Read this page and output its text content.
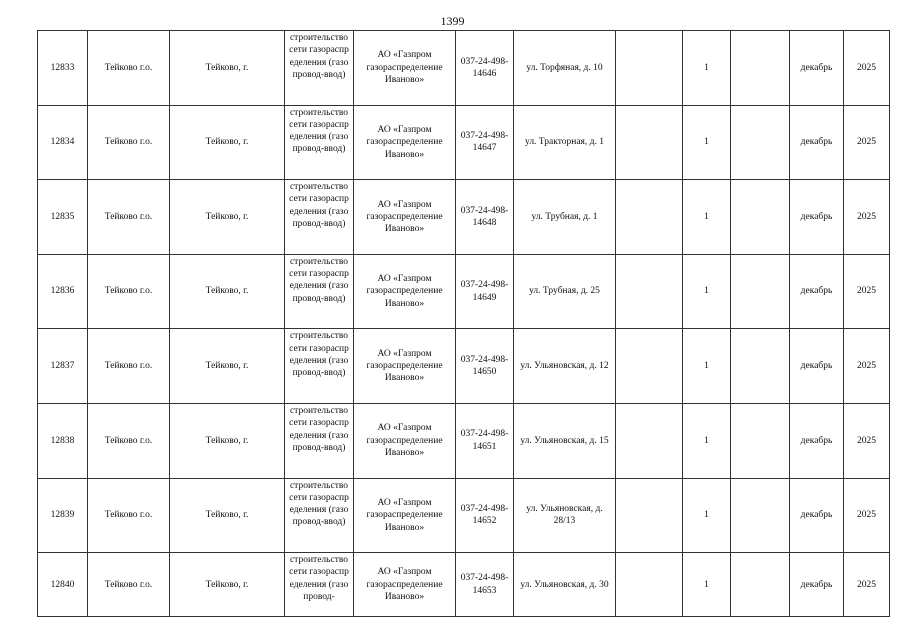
1399
12833	Тейково г.о.	Тейково, г.	строительство сети газораспределения (газопровод-ввод)	АО «Газпром газораспределение Иваново»	037-24-498-14646	ул. Торфяная, д. 10		1		декабрь	2025
12834	Тейково г.о.	Тейково, г.	строительство сети газораспределения (газопровод-ввод)	АО «Газпром газораспределение Иваново»	037-24-498-14647	ул. Тракторная, д. 1		1		декабрь	2025
12835	Тейково г.о.	Тейково, г.	строительство сети газораспределения (газопровод-ввод)	АО «Газпром газораспределение Иваново»	037-24-498-14648	ул. Трубная, д. 1		1		декабрь	2025
12836	Тейково г.о.	Тейково, г.	строительство сети газораспределения (газопровод-ввод)	АО «Газпром газораспределение Иваново»	037-24-498-14649	ул. Трубная, д. 25		1		декабрь	2025
12837	Тейково г.о.	Тейково, г.	строительство сети газораспределения (газопровод-ввод)	АО «Газпром газораспределение Иваново»	037-24-498-14650	ул. Ульяновская, д. 12		1		декабрь	2025
12838	Тейково г.о.	Тейково, г.	строительство сети газораспределения (газопровод-ввод)	АО «Газпром газораспределение Иваново»	037-24-498-14651	ул. Ульяновская, д. 15		1		декабрь	2025
12839	Тейково г.о.	Тейково, г.	строительство сети газораспределения (газопровод-ввод)	АО «Газпром газораспределение Иваново»	037-24-498-14652	ул. Ульяновская, д. 28/13		1		декабрь	2025
12840	Тейково г.о.	Тейково, г.	строительство сети газораспределения (газопровод-	АО «Газпром газораспределение Иваново»	037-24-498-14653	ул. Ульяновская, д. 30		1		декабрь	2025
